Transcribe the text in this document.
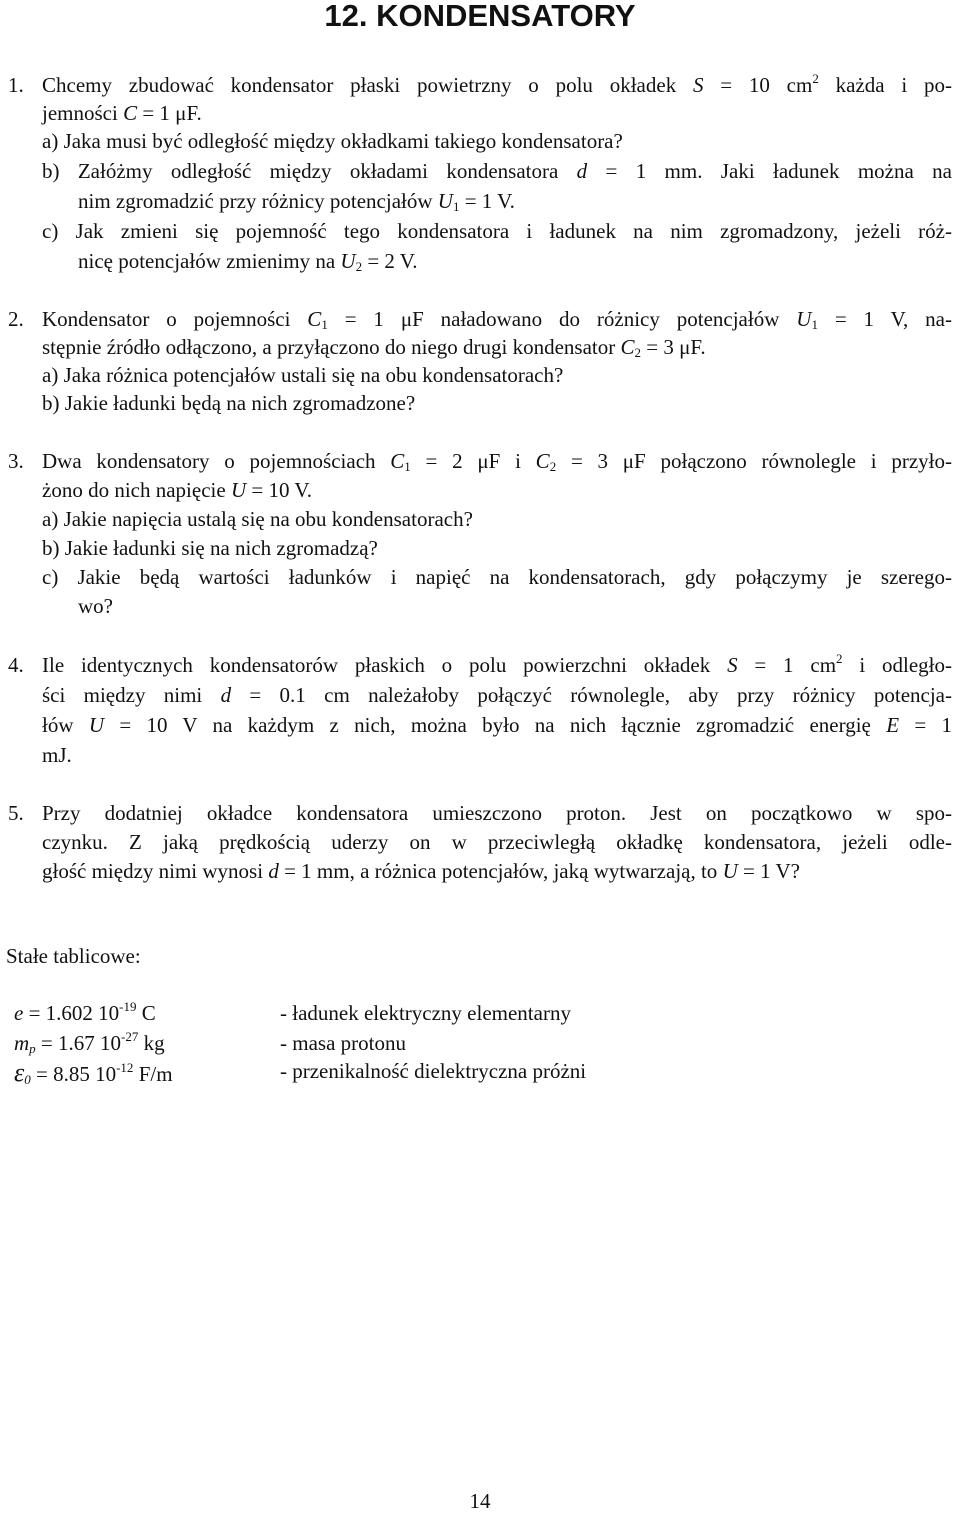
12. KONDENSATORY
1. Chcemy zbudować kondensator płaski powietrzny o polu okładek S = 10 $cm^2$ każda i po-
jemności C = 1 μF.
a) Jaka musi być odległość między okładkami takiego kondensatora?
b) Załóżmy odległość między okładami kondensatora d = 1 mm. Jaki ładunek można na
nim zgromadzić przy różnicy potencjałów $U_1 = 1$ V.
c) Jak zmieni się pojemność tego kondensatora i ładunek na nim zgromadzony, jeżeli róż-
nicę potencjałów zmienimy na $U_2 = 2$ V.
2. Kondensator o pojemności $C_1 = 1$ μF naładowano do różnicy potencjałów $U_1 = 1$ V, na-
stępnie źródło odłączono, a przyłączono do niego drugi kondensator $C_2 = 3$ μF.
a) Jaka różnica potencjałów ustali się na obu kondensatorach?
b) Jakie ładunki będą na nich zgromadzone?
3. Dwa kondensatory o pojemnościach $C_1 = 2$ μF i $C_2 = 3$ μF połączono równolegle i przyło-
żono do nich napięcie U = 10 V.
a) Jakie napięcia ustalą się na obu kondensatorach?
b) Jakie ładunki się na nich zgromadzą?
c) Jakie będą wartości ładunków i napięć na kondensatorach, gdy połączymy je szerego-
wo?
4. Ile identycznych kondensatorów płaskich o polu powierzchni okładek S = 1 $cm^2$ i odległo-
ści między nimi d = 0.1 cm należałoby połączyć równolegle, aby przy różnicy potencja-
łów U = 10 V na każdym z nich, można było na nich łącznie zgromadzić energię E = 1
mJ.
5. Przy dodatniej okładce kondensatora umieszczono proton. Jest on początkowo w spo-
czynku. Z jaką prędkością uderzy on w przeciwległą okładkę kondensatora, jeżeli odle-
głość między nimi wynosi d = 1 mm, a różnica potencjałów, jaką wytwarzają, to U = 1 V?
Stałe tablicowe:
e = 1.602 $10^{-19}$ C	- ładunek elektryczny elementarny
$m_p = 1.67$ $10^{-27}$ kg	- masa protonu
$\varepsilon_0 = 8.85$ $10^{-12}$ F/m	- przenikalność dielektryczna próżni
14
